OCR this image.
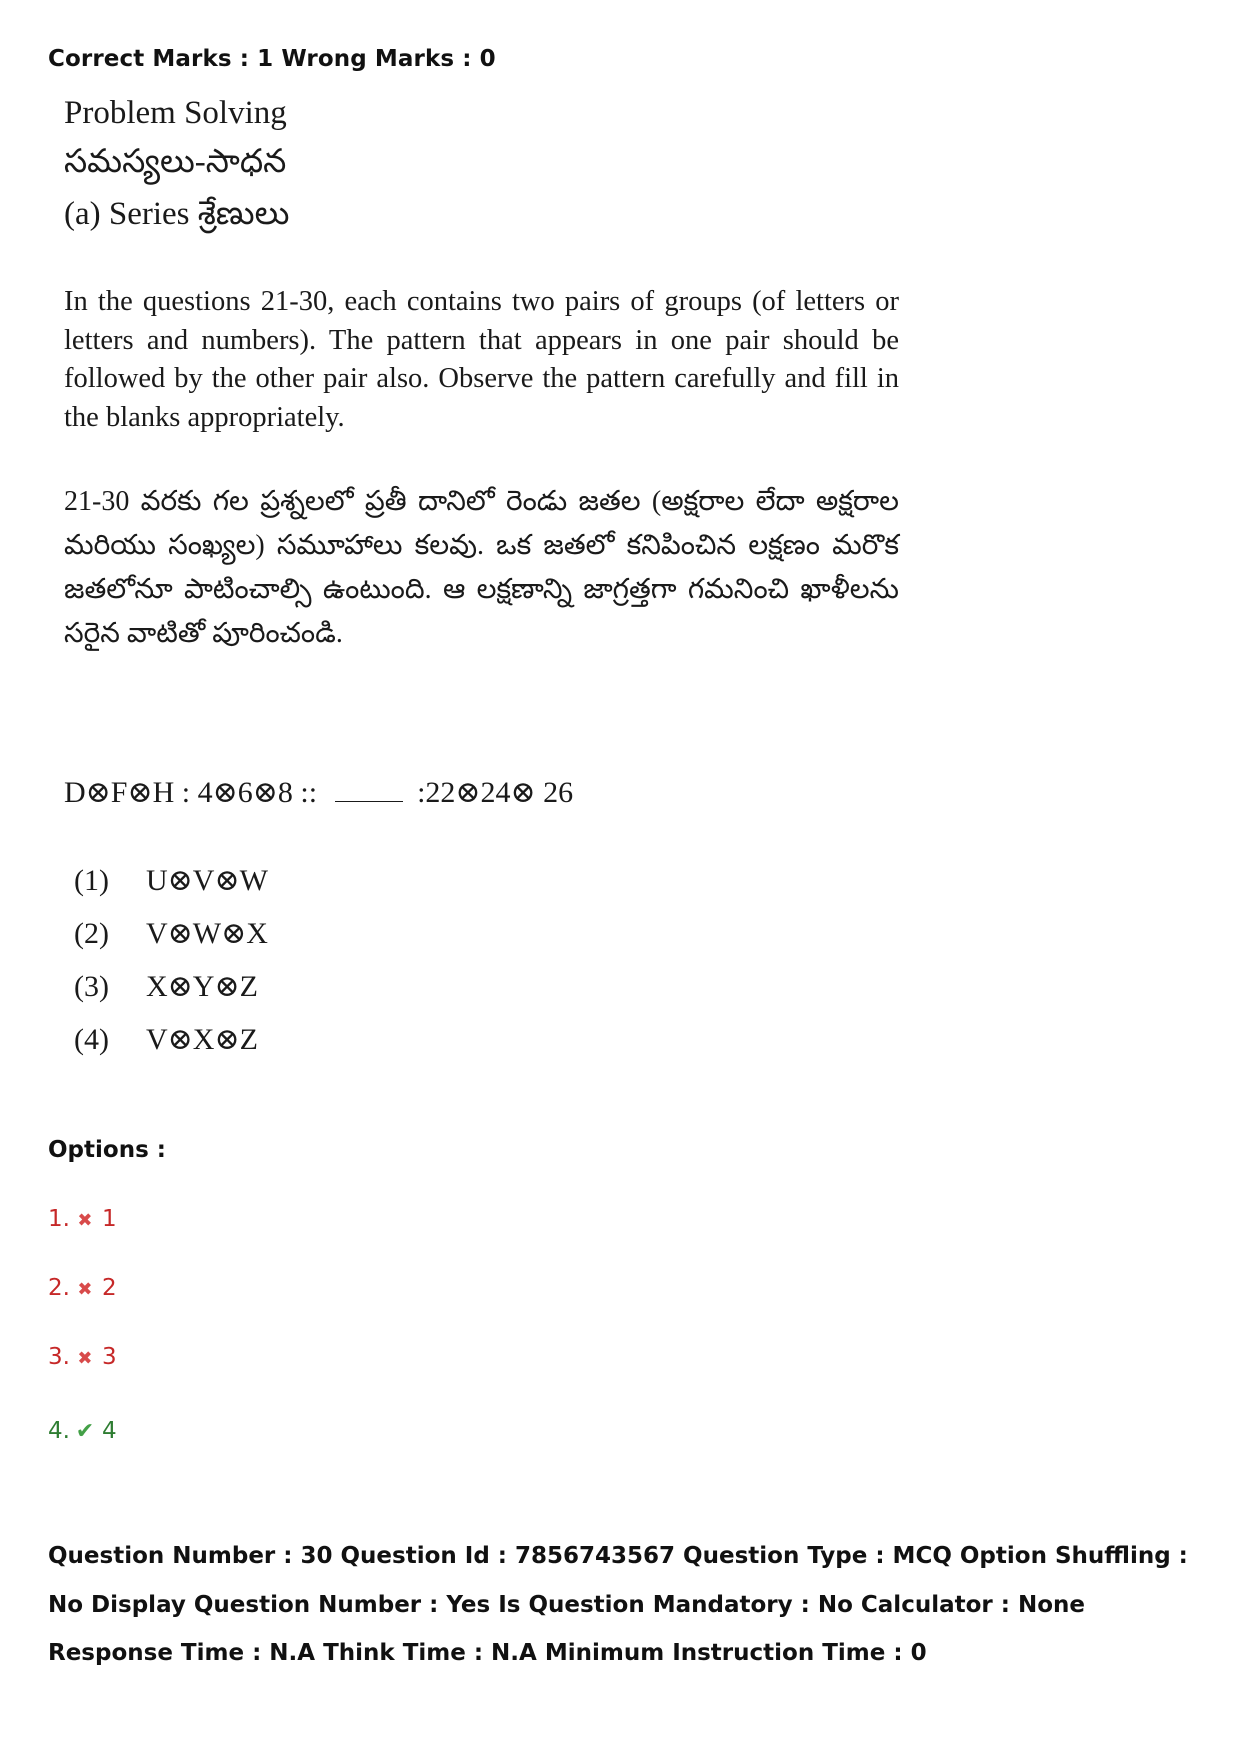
Correct Marks : 1 Wrong Marks : 0
Problem Solving
సమస్యలు-సాధన
(a) Series శ్రేణులు
In the questions 21-30, each contains two pairs of groups (of letters or letters and numbers). The pattern that appears in one pair should be followed by the other pair also. Observe the pattern carefully and fill in the blanks appropriately.
21-30 వరకు గల ప్రశ్నలలో ప్రతీ దానిలో రెండు జతల (అక్షరాల లేదా అక్షరాల మరియు సంఖ్యల) సమూహాలు కలవు. ఒక జతలో కనిపించిన లక్షణం మరొక జతలోనూ పాటించాల్సి ఉంటుంది. ఆ లక్షణాన్ని జాగ్రత్తగా గమనించి ఖాళీలను సరైన వాటితో పూరించండి.
D⊗F⊗H : 4⊗6⊗8 ::	:22⊗24⊗ 26
(1) U⊗V⊗W
(2) V⊗W⊗X
(3) X⊗Y⊗Z
(4) V⊗X⊗Z
Options :
1. ✖ 1
2. ✖ 2
3. ✖ 3
4. ✔ 4
Question Number : 30 Question Id : 7856743567 Question Type : MCQ Option Shuffling : No Display Question Number : Yes Is Question Mandatory : No Calculator : None Response Time : N.A Think Time : N.A Minimum Instruction Time : 0
